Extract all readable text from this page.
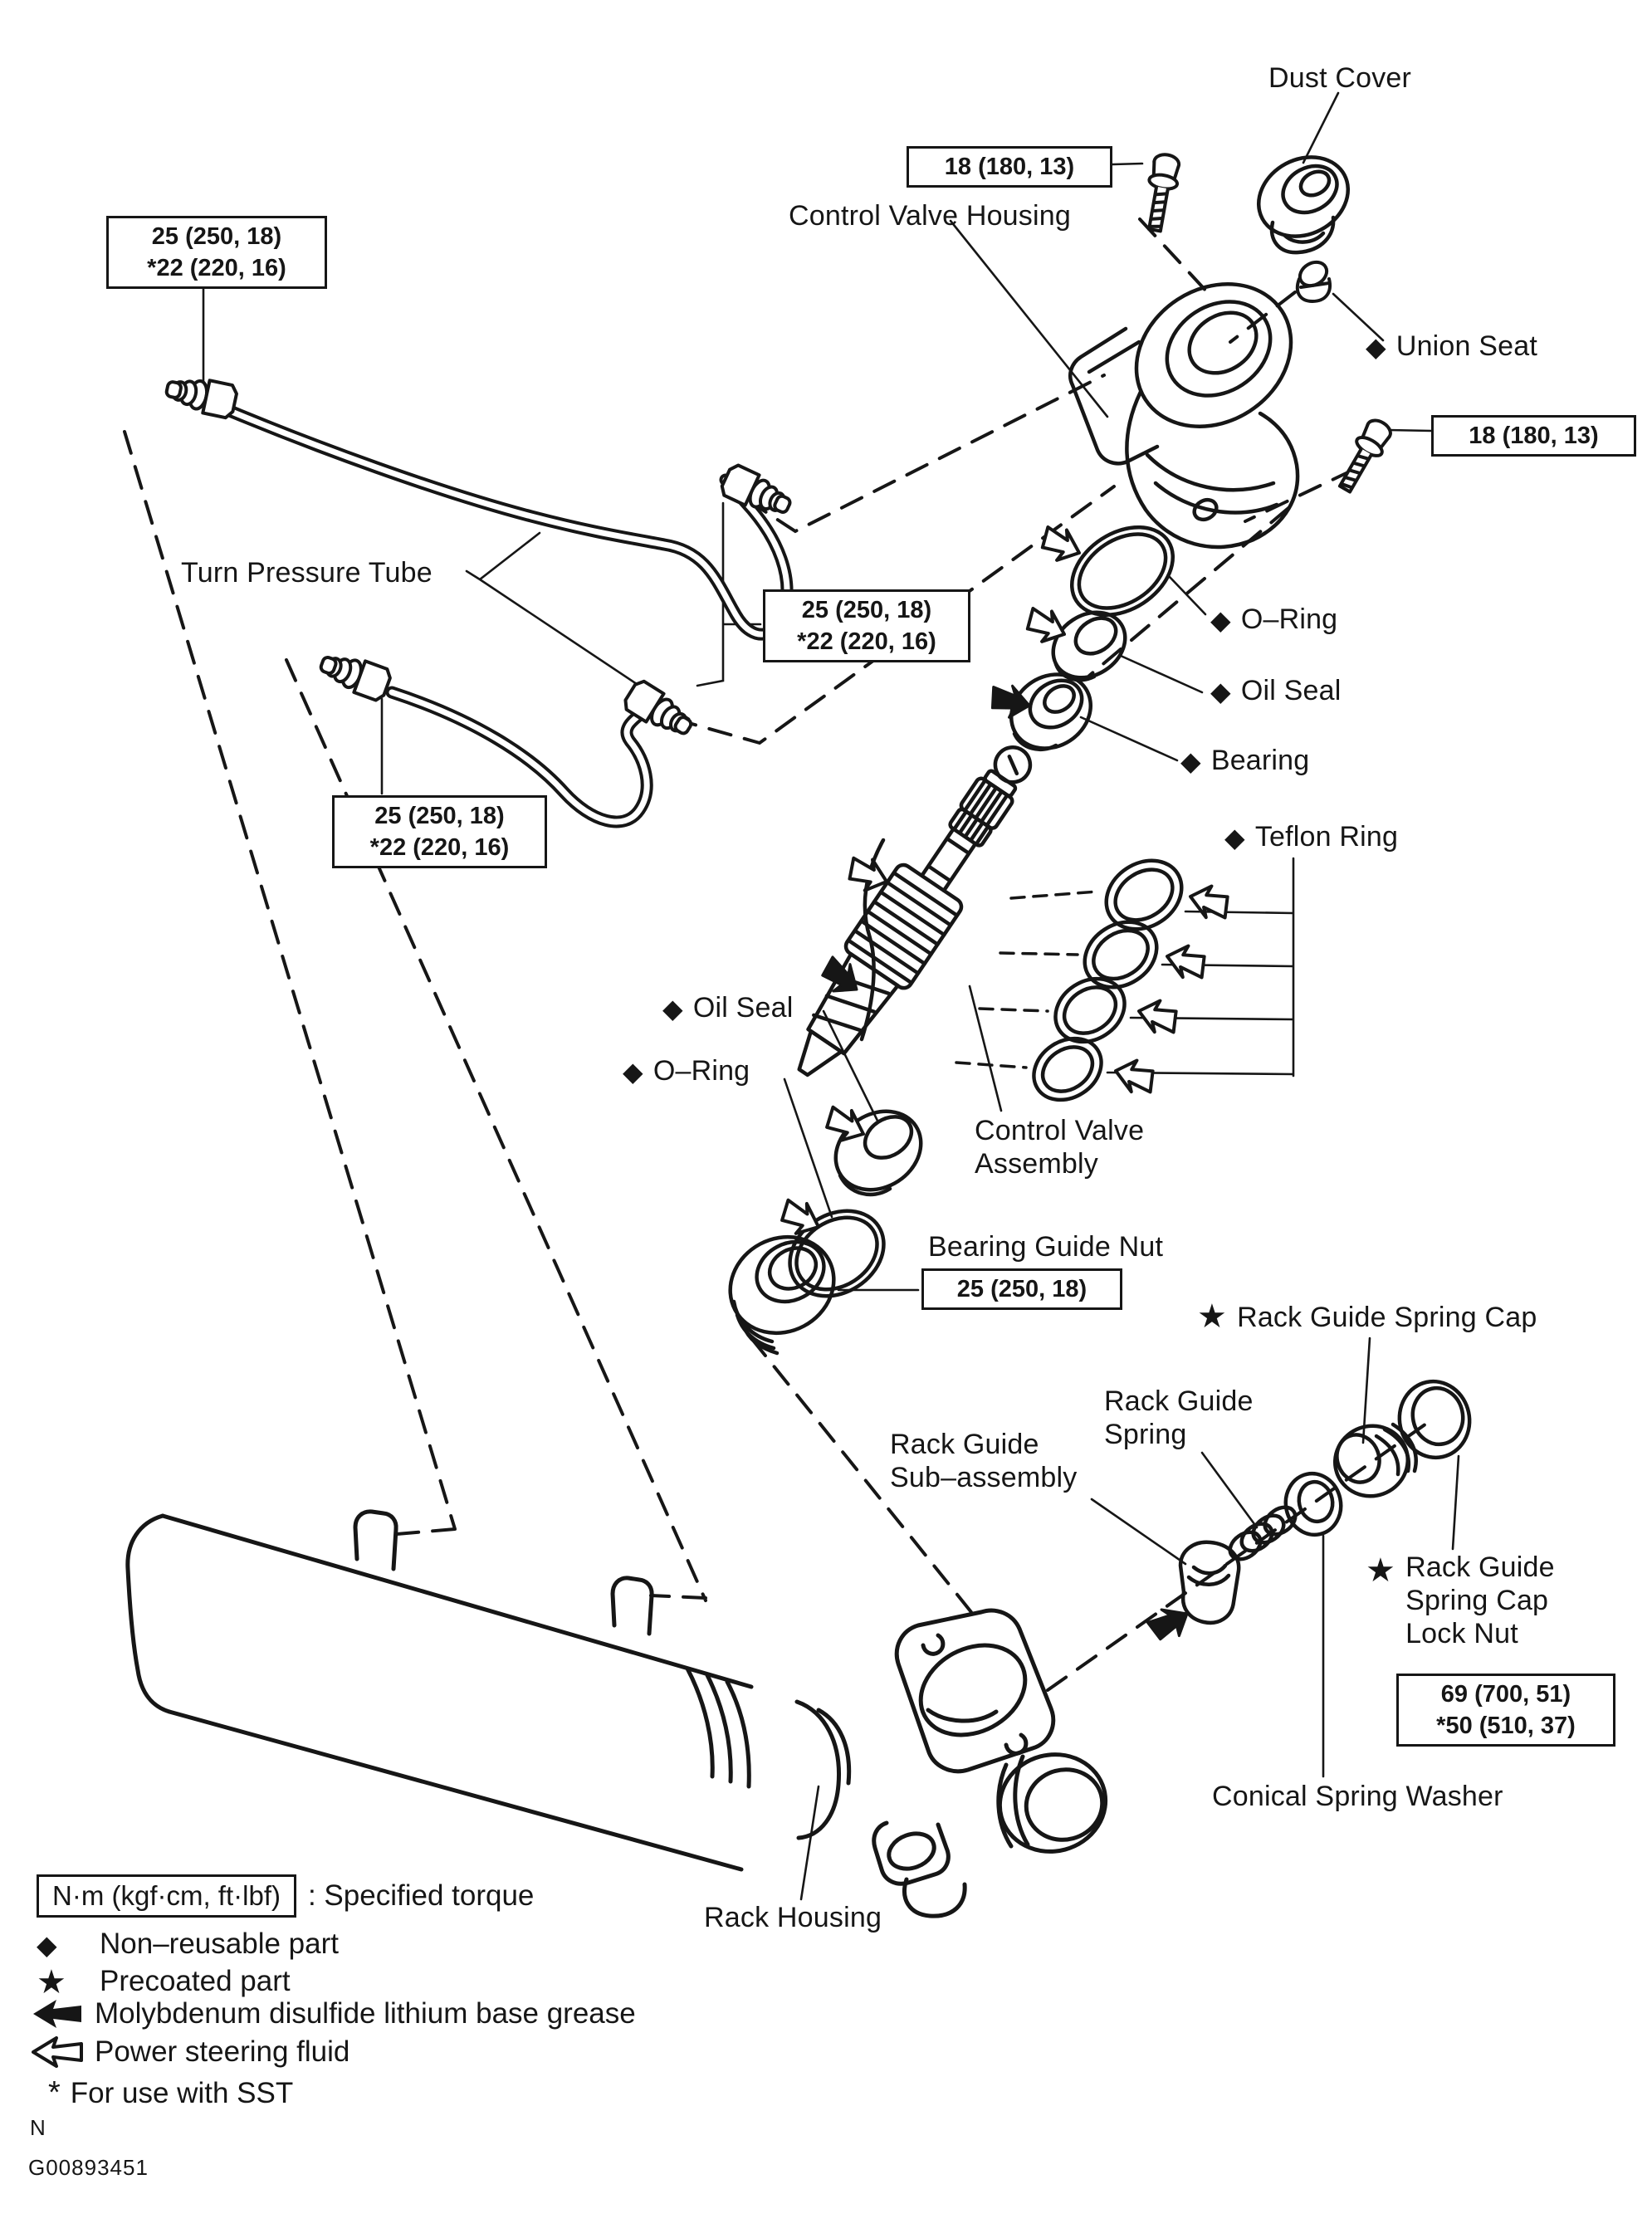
Dust Cover
18 (180, 13)
Control Valve Housing
◆ Union Seat
18 (180, 13)
25 (250, 18)
*22 (220, 16)
Turn Pressure Tube
25 (250, 18)
*22 (220, 16)
25 (250, 18)
*22 (220, 16)
◆ O–Ring
◆ Oil Seal
◆ Bearing
◆ Teflon Ring
◆ Oil Seal
◆ O–Ring
Control Valve
Assembly
Bearing Guide Nut
25 (250, 18)
★ Rack Guide Spring Cap
Rack Guide
Spring
Rack Guide
Sub–assembly
★ Rack Guide
Spring Cap
Lock Nut
69 (700, 51)
*50 (510, 37)
Conical Spring Washer
Rack Housing
N·m (kgf·cm, ft·lbf) : Specified torque
◆ Non–reusable part
★ Precoated part
Molybdenum disulfide lithium base grease
Power steering fluid
* For use with SST
N
G00893451
